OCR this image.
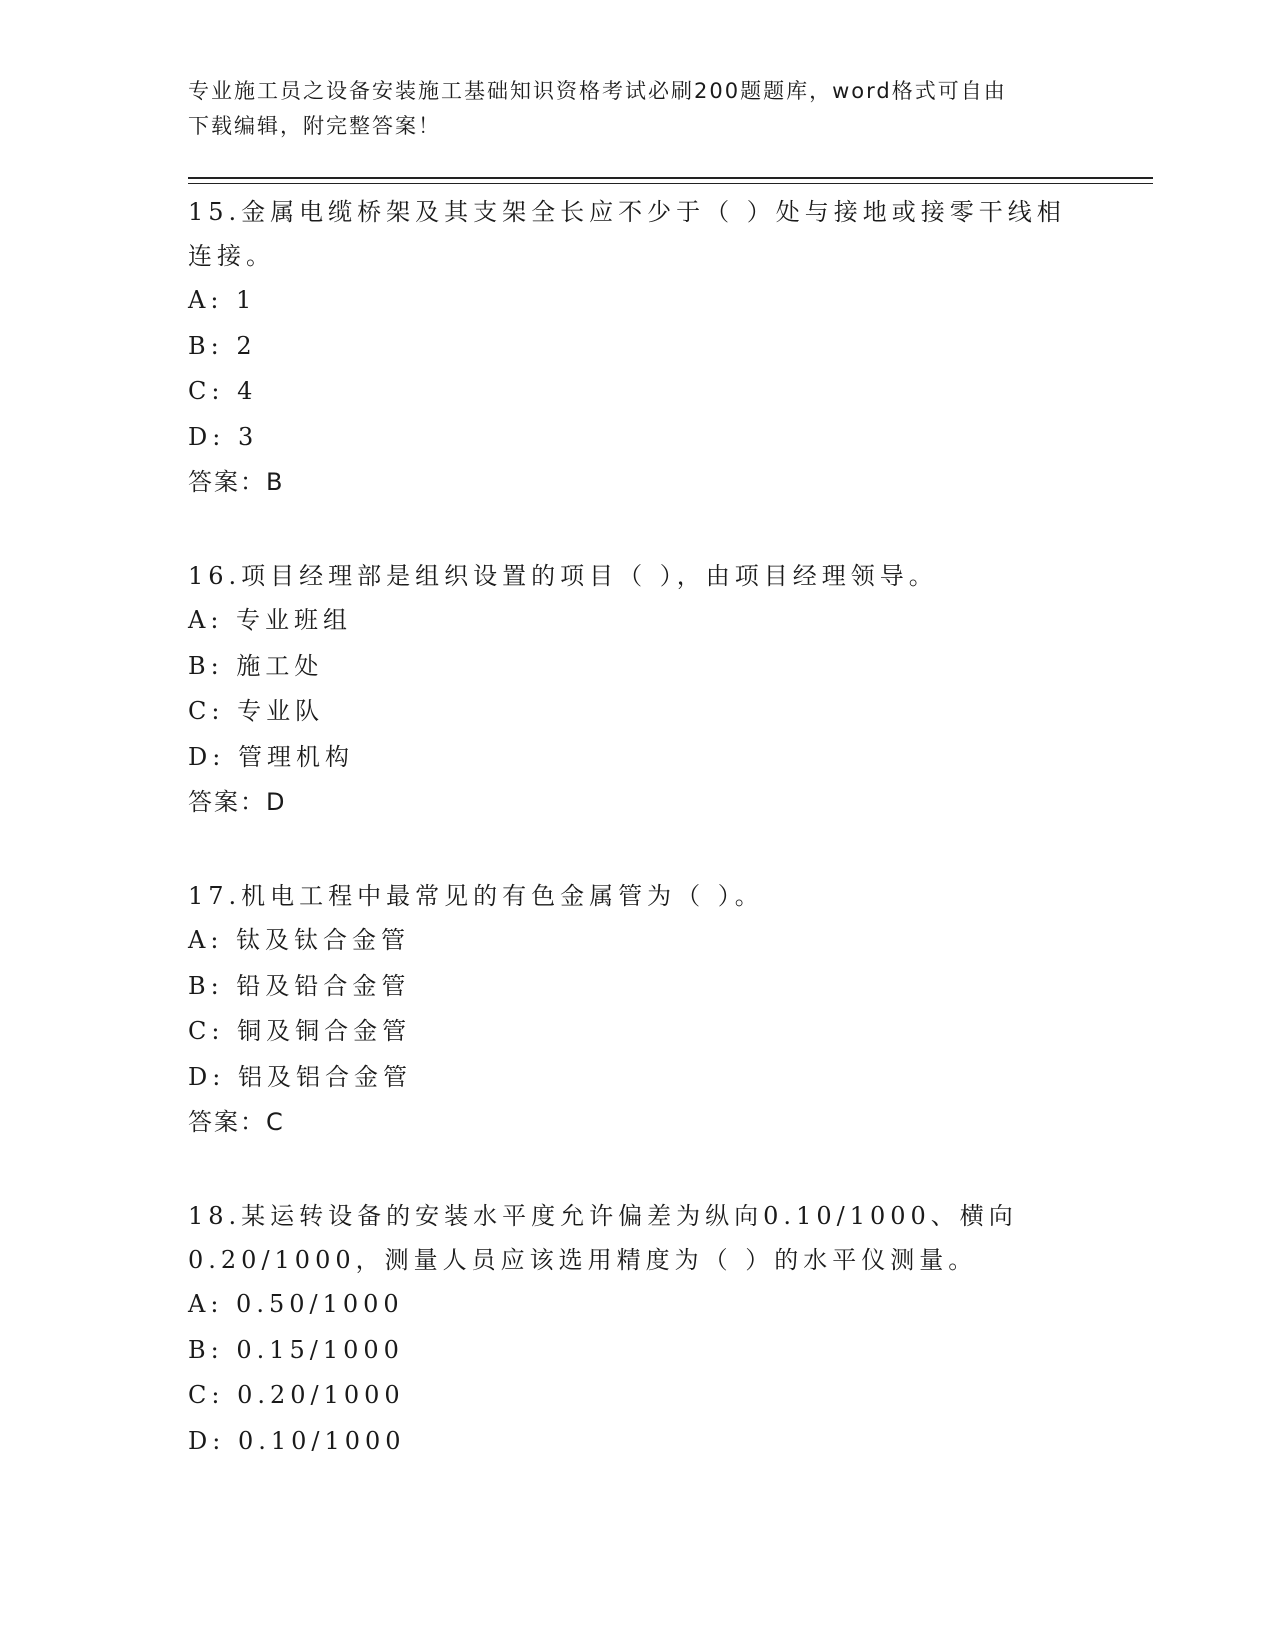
专业施工员之设备安装施工基础知识资格考试必刷200题题库，word格式可自由
下载编辑，附完整答案！
15.金属电缆桥架及其支架全长应不少于（ ）处与接地或接零干线相
连接。
A: 1
B: 2
C: 4
D: 3
答案：B
16.项目经理部是组织设置的项目（ ），由项目经理领导。
A: 专业班组
B: 施工处
C: 专业队
D: 管理机构
答案：D
17.机电工程中最常见的有色金属管为（ ）。
A: 钛及钛合金管
B: 铅及铅合金管
C: 铜及铜合金管
D: 铝及铝合金管
答案：C
18.某运转设备的安装水平度允许偏差为纵向0.10/1000、横向
0.20/1000，测量人员应该选用精度为（ ）的水平仪测量。
A: 0.50/1000
B: 0.15/1000
C: 0.20/1000
D: 0.10/1000
